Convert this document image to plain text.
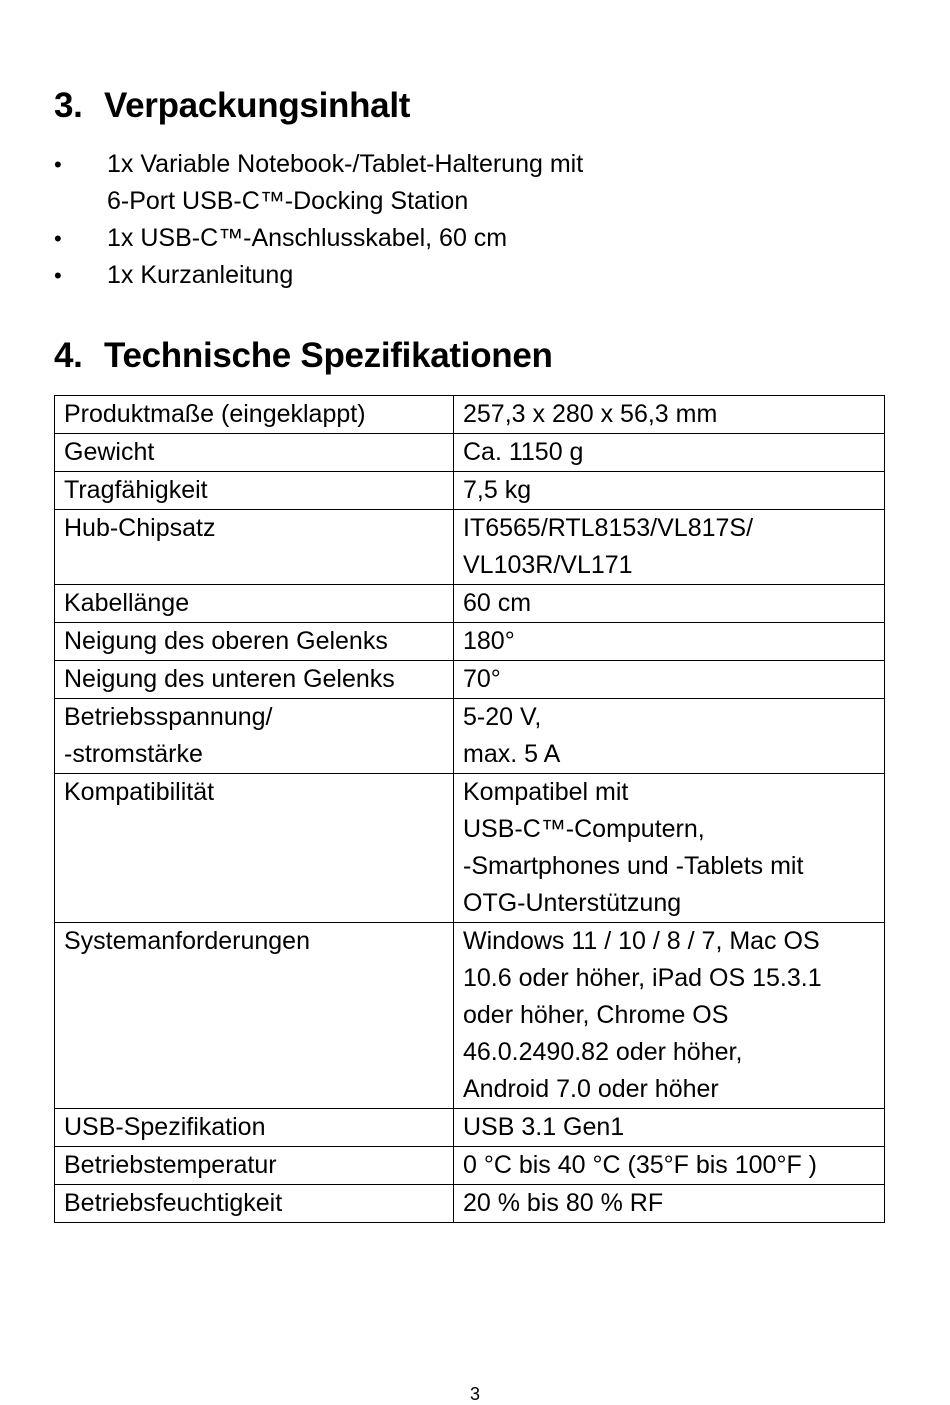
3. Verpackungsinhalt
•	1x Variable Notebook-/Tablet-Halterung mit
6-Port USB-C™-Docking Station
•	1x USB-C™-Anschlusskabel, 60 cm
•	1x Kurzanleitung
4. Technische Spezifikationen
Produktmaße (eingeklappt)	257,3 x 280 x 56,3 mm

Gewicht	Ca. 1150 g

Tragfähigkeit	7,5 kg

Hub-Chipsatz	IT6565/RTL8153/VL817S/
VL103R/VL171

Kabellänge	60 cm

Neigung des oberen Gelenks	180°

Neigung des unteren Gelenks	70°

Betriebsspannung/
-stromstärke	5-20 V,
max. 5 A

Kompatibilität	Kompatibel mit
USB-C™-Computern,
-Smartphones und -Tablets mit
OTG-Unterstützung

Systemanforderungen	Windows 11 / 10 / 8 / 7, Mac OS
10.6 oder höher, iPad OS 15.3.1
oder höher, Chrome OS
46.0.2490.82 oder höher,
Android 7.0 oder höher

USB-Spezifikation	USB 3.1 Gen1

Betriebstemperatur	0 °C bis 40 °C (35°F bis 100°F )

Betriebsfeuchtigkeit	20 % bis 80 % RF
3
